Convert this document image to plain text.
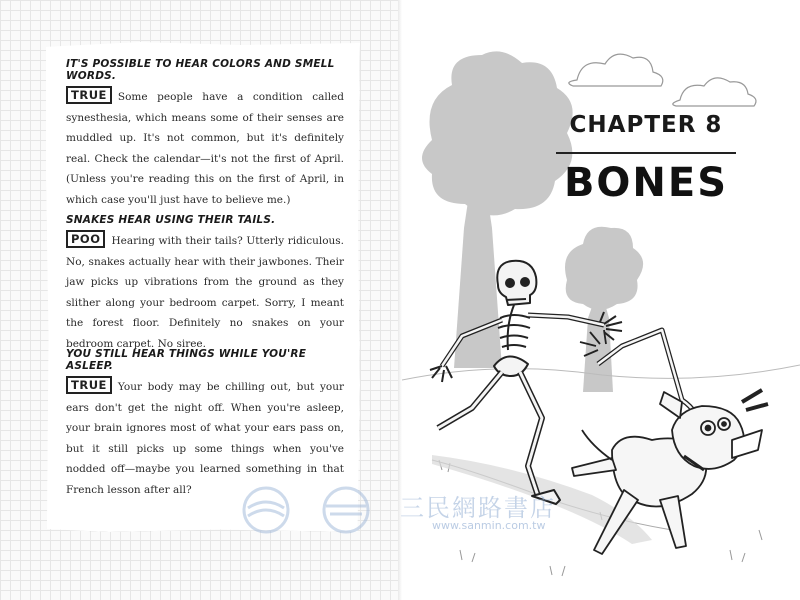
IT'S POSSIBLE TO HEAR COLORS AND SMELL WORDS.
TRUE Some people have a condition called synesthesia, which means some of their senses are muddled up. It's not common, but it's definitely real. Check the calendar—it's not the first of April. (Unless you're reading this on the first of April, in which case you'll just have to believe me.)
SNAKES HEAR USING THEIR TAILS.
POO Hearing with their tails? Utterly ridiculous. No, snakes actually hear with their jawbones. Their jaw picks up vibrations from the ground as they slither along your bedroom carpet. Sorry, I meant the forest floor. Definitely no snakes on your bedroom carpet. No siree.
YOU STILL HEAR THINGS WHILE YOU'RE ASLEEP.
TRUE Your body may be chilling out, but your ears don't get the night off. When you're asleep, your brain ignores most of what your ears pass on, but it still picks up some things when you've nodded off—maybe you learned something in that French lesson after all?
CHAPTER 8
BONES
三民網路書店
www.sanmin.com.tw
